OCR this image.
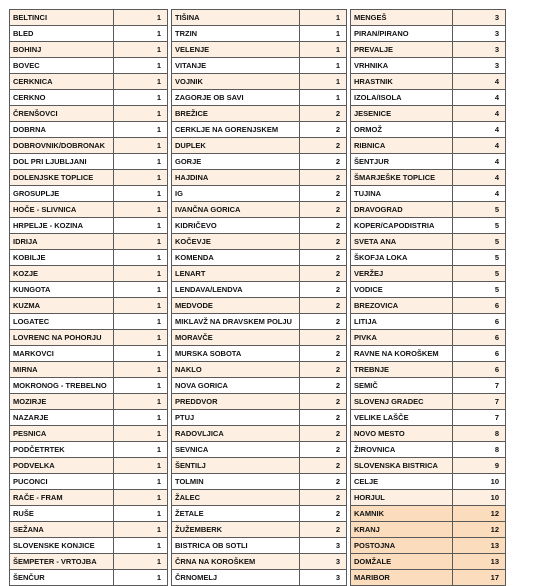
BELTINCI	1
BLED	1
BOHINJ	1
BOVEC	1
CERKNICA	1
CERKNO	1
ČRENŠOVCI	1
DOBRNA	1
DOBROVNIK/DOBRONAK	1
DOL PRI LJUBLJANI	1
DOLENJSKE TOPLICE	1
GROSUPLJE	1
HOČE - SLIVNICA	1
HRPELJE - KOZINA	1
IDRIJA	1
KOBILJE	1
KOZJE	1
KUNGOTA	1
KUZMA	1
LOGATEC	1
LOVRENC NA POHORJU	1
MARKOVCI	1
MIRNA	1
MOKRONOG - TREBELNO	1
MOZIRJE	1
NAZARJE	1
PESNICA	1
PODČETRTEK	1
PODVELKA	1
PUCONCI	1
RAČE - FRAM	1
RUŠE	1
SEŽANA	1
SLOVENSKE KONJICE	1
ŠEMPETER - VRTOJBA	1
ŠENČUR	1
TIŠINA	1
TRZIN	1
VELENJE	1
VITANJE	1
VOJNIK	1
ZAGORJE OB SAVI	1
BREŽICE	2
CERKLJE NA GORENJSKEM	2
DUPLEK	2
GORJE	2
HAJDINA	2
IG	2
IVANČNA GORICA	2
KIDRIČEVO	2
KOČEVJE	2
KOMENDA	2
LENART	2
LENDAVA/LENDVA	2
MEDVODE	2
MIKLAVŽ NA DRAVSKEM POLJU	2
MORAVČE	2
MURSKA SOBOTA	2
NAKLO	2
NOVA GORICA	2
PREDDVOR	2
PTUJ	2
RADOVLJICA	2
SEVNICA	2
ŠENTILJ	2
TOLMIN	2
ŽALEC	2
ŽETALE	2
ŽUŽEMBERK	2
BISTRICA OB SOTLI	3
ČRNA NA KOROŠKEM	3
ČRNOMELJ	3
MENGEŠ	3
PIRAN/PIRANO	3
PREVALJE	3
VRHNIKA	3
HRASTNIK	4
IZOLA/ISOLA	4
JESENICE	4
ORMOŽ	4
RIBNICA	4
ŠENTJUR	4
ŠMARJEŠKE TOPLICE	4
TUJINA	4
DRAVOGRAD	5
KOPER/CAPODISTRIA	5
SVETA ANA	5
ŠKOFJA LOKA	5
VERŽEJ	5
VODICE	5
BREZOVICA	6
LITIJA	6
PIVKA	6
RAVNE NA KOROŠKEM	6
TREBNJE	6
SEMIČ	7
SLOVENJ GRADEC	7
VELIKE LAŠČE	7
NOVO MESTO	8
ŽIROVNICA	8
SLOVENSKA BISTRICA	9
CELJE	10
HORJUL	10
KAMNIK	12
KRANJ	12
POSTOJNA	13
DOMŽALE	13
MARIBOR	17
